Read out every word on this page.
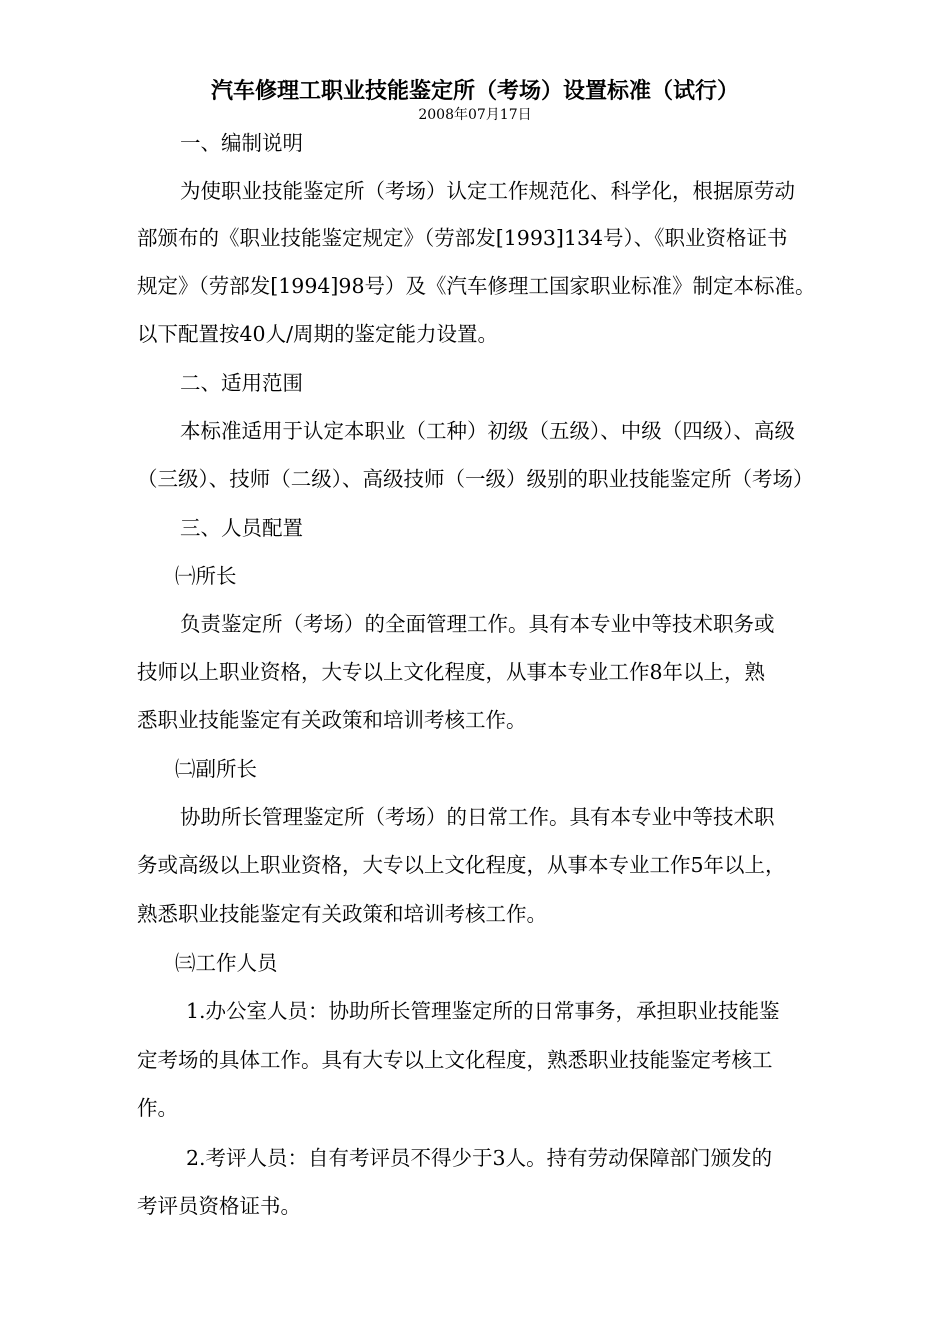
汽车修理工职业技能鉴定所（考场）设置标准（试行）
2008年07月17日
一、编制说明
为使职业技能鉴定所（考场）认定工作规范化、科学化，根据原劳动
部颁布的《职业技能鉴定规定》（劳部发[1993]134号）、《职业资格证书
规定》（劳部发[1994]98号）及《汽车修理工国家职业标准》制定本标准。
以下配置按40人/周期的鉴定能力设置。
二、适用范围
本标准适用于认定本职业（工种）初级（五级）、中级（四级）、高级
（三级）、技师（二级）、高级技师（一级）级别的职业技能鉴定所（考场）
三、人员配置
㈠所长
负责鉴定所（考场）的全面管理工作。具有本专业中等技术职务或
技师以上职业资格，大专以上文化程度，从事本专业工作8年以上，熟
悉职业技能鉴定有关政策和培训考核工作。
㈡副所长
协助所长管理鉴定所（考场）的日常工作。具有本专业中等技术职
务或高级以上职业资格，大专以上文化程度，从事本专业工作5年以上，
熟悉职业技能鉴定有关政策和培训考核工作。
㈢工作人员
1.办公室人员：协助所长管理鉴定所的日常事务，承担职业技能鉴
定考场的具体工作。具有大专以上文化程度，熟悉职业技能鉴定考核工
作。
2.考评人员：自有考评员不得少于3人。持有劳动保障部门颁发的
考评员资格证书。
